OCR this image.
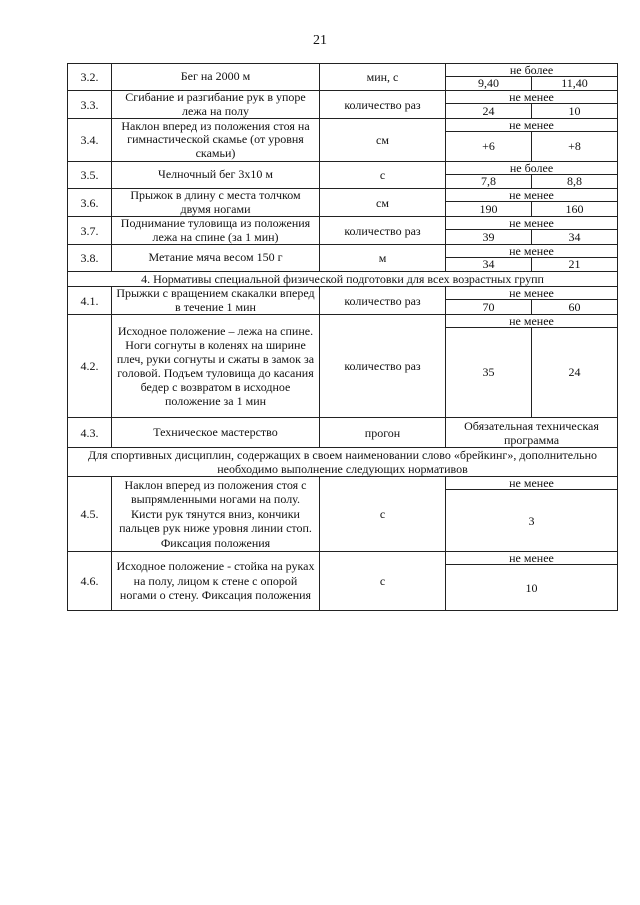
21
3.2.	Бег на 2000 м	мин, с	не более	
			9,40	11,40
3.3.	Сгибание и разгибание рук в упоре лежа на полу	количество раз	не менее	
			24	10
3.4.	Наклон вперед из положения стоя на гимнастической скамье (от уровня скамьи)	см	не менее	
			+6	+8
3.5.	Челночный бег 3x10 м	с	не более	
			7,8	8,8
3.6.	Прыжок в длину с места толчком двумя ногами	см	не менее	
			190	160
3.7.	Поднимание туловища из положения лежа на спине (за 1 мин)	количество раз	не менее	
			39	34
3.8.	Метание мяча весом 150 г	м	не менее	
			34	21
4. Нормативы специальной физической подготовки для всех возрастных групп				
4.1.	Прыжки с вращением скакалки вперед в течение 1 мин	количество раз	не менее	
			70	60
4.2.	Исходное положение – лежа на спине. Ноги согнуты в коленях на ширине плеч, руки согнуты и сжаты в замок за головой. Подъем туловища до касания бедер с возвратом в исходное положение за 1 мин	количество раз	не менее	
			35	24
4.3.	Техническое мастерство	прогон	Обязательная техническая программа	
Для спортивных дисциплин, содержащих в своем наименовании слово «брейкинг», дополнительно необходимо выполнение следующих нормативов				
4.5.	Наклон вперед из положения стоя с выпрямленными ногами на полу. Кисти рук тянутся вниз, кончики пальцев рук ниже уровня линии стоп. Фиксация положения	с	не менее	
			3	
4.6.	Исходное положение - стойка на руках на полу, лицом к стене с опорой ногами о стену. Фиксация положения	с	не менее	
			10	
